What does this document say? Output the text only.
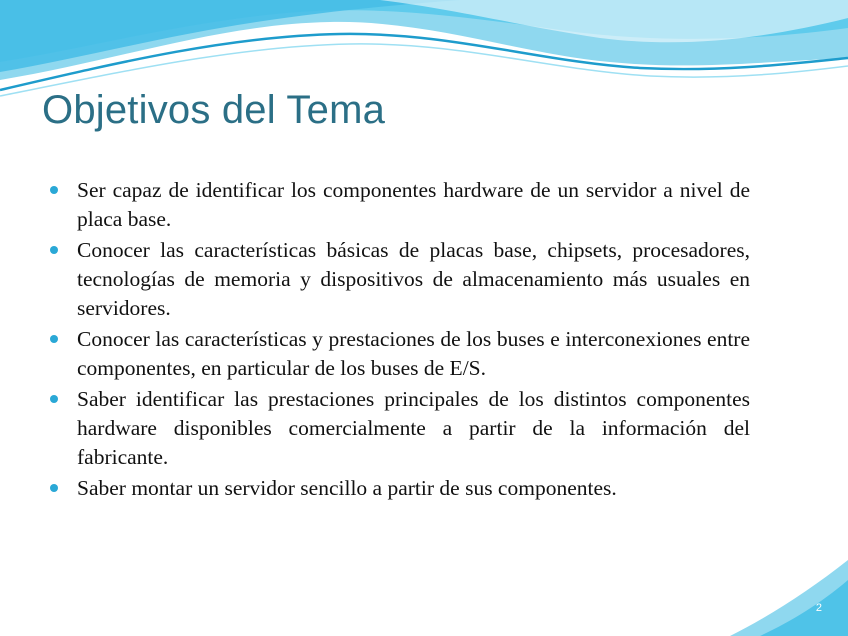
Objetivos del Tema
Ser capaz de identificar los componentes hardware de un servidor a nivel de placa base.
Conocer las características básicas de placas base, chipsets, procesadores, tecnologías de memoria y dispositivos de almacenamiento más usuales en servidores.
Conocer las características y prestaciones de los buses e interconexiones entre componentes, en particular de los buses de E/S.
Saber identificar las prestaciones principales de los distintos componentes hardware disponibles comercialmente a partir de la información del fabricante.
Saber montar un servidor sencillo a partir de sus componentes.
2
